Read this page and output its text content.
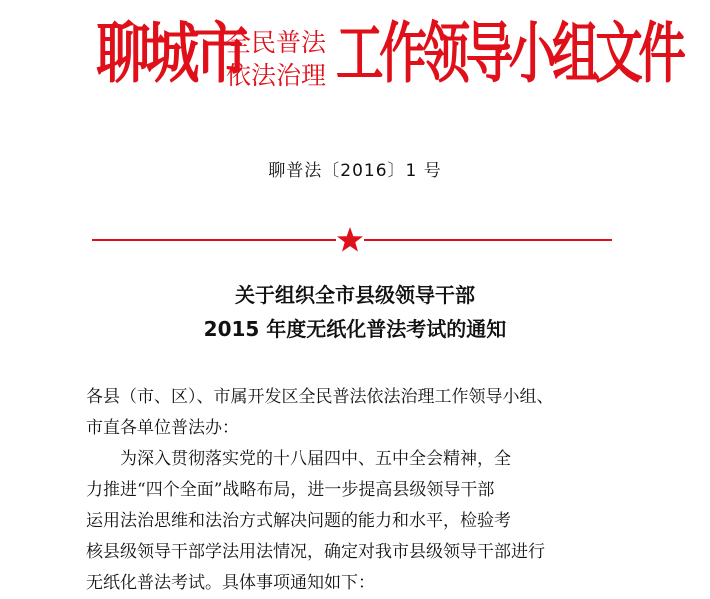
聊城市
全民普法
依法治理 工作领导小组文件
聊普法〔2016〕1 号
关于组织全市县级领导干部
2015 年度无纸化普法考试的通知
各县（市、区）、市属开发区全民普法依法治理工作领导小组、
市直各单位普法办：
为深入贯彻落实党的十八届四中、五中全会精神，全
力推进“四个全面”战略布局，进一步提高县级领导干部
运用法治思维和法治方式解决问题的能力和水平，检验考
核县级领导干部学法用法情况，确定对我市县级领导干部进行
无纸化普法考试。具体事项通知如下：
